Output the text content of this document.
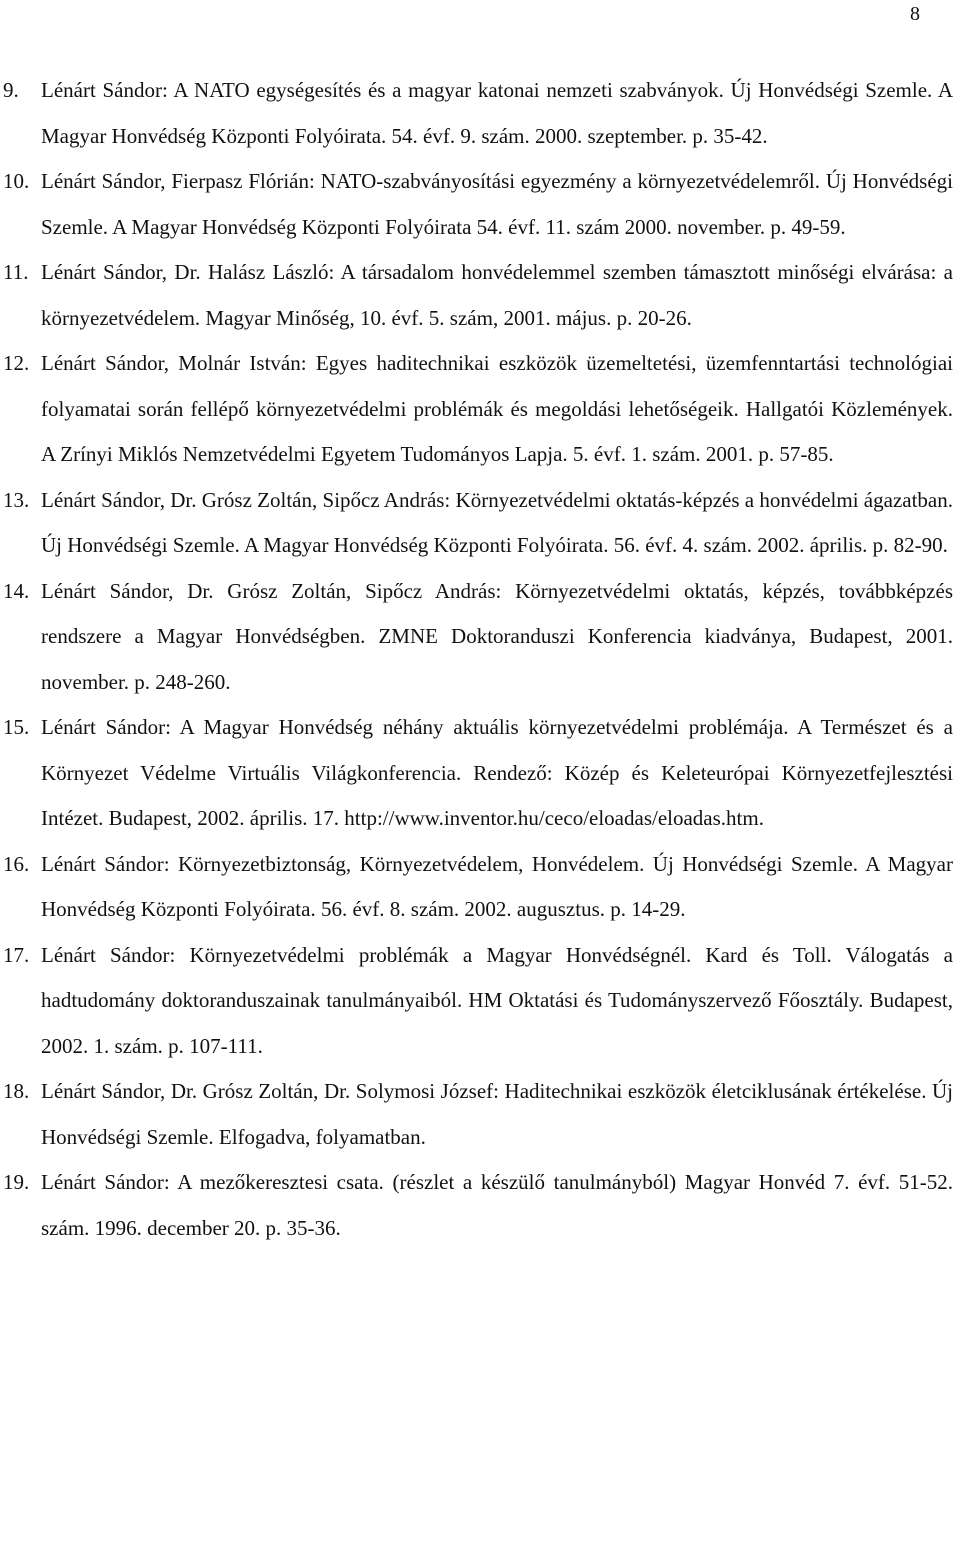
8

9.	Lénárt Sándor: A NATO egységesítés és a magyar katonai nemzeti szabványok. Új Honvédségi Szemle. A Magyar Honvédség Központi Folyóirata. 54. évf. 9. szám. 2000. szeptember. p. 35-42.

10. Lénárt Sándor, Fierpasz Flórián: NATO-szabványosítási egyezmény a környezetvédelemről. Új Honvédségi Szemle. A Magyar Honvédség Központi Folyóirata 54. évf. 11. szám 2000. november. p. 49-59.

11. Lénárt Sándor, Dr. Halász László: A társadalom honvédelemmel szemben támasztott minőségi elvárása: a környezetvédelem. Magyar Minőség, 10. évf. 5. szám, 2001. május. p. 20-26.

12. Lénárt Sándor, Molnár István: Egyes haditechnikai eszközök üzemeltetési, üzemfenntartási technológiai folyamatai során fellépő környezetvédelmi problémák és megoldási lehetőségeik. Hallgatói Közlemények. A Zrínyi Miklós Nemzetvédelmi Egyetem Tudományos Lapja. 5. évf. 1. szám. 2001. p. 57-85.

13. Lénárt Sándor, Dr. Grósz Zoltán, Sipőcz András: Környezetvédelmi oktatás-képzés a honvédelmi ágazatban. Új Honvédségi Szemle. A Magyar Honvédség Központi Folyóirata. 56. évf. 4. szám. 2002. április. p. 82-90.

14. Lénárt Sándor, Dr. Grósz Zoltán, Sipőcz András: Környezetvédelmi oktatás, képzés, továbbképzés rendszere a Magyar Honvédségben. ZMNE Doktoranduszi Konferencia kiadványa, Budapest, 2001. november. p. 248-260.

15. Lénárt Sándor: A Magyar Honvédség néhány aktuális környezetvédelmi problémája. A Természet és a Környezet Védelme Virtuális Világkonferencia. Rendező: Közép és Keleteurópai Környezetfejlesztési Intézet. Budapest, 2002. április. 17. http://www.inventor.hu/ceco/eloadas/eloadas.htm.

16. Lénárt Sándor: Környezetbiztonság, Környezetvédelem, Honvédelem. Új Honvédségi Szemle. A Magyar Honvédség Központi Folyóirata. 56. évf. 8. szám. 2002. augusztus. p. 14-29.

17. Lénárt Sándor: Környezetvédelmi problémák a Magyar Honvédségnél. Kard és Toll. Válogatás a hadtudomány doktoranduszainak tanulmányaiból. HM Oktatási és Tudományszervező Főosztály. Budapest, 2002. 1. szám. p. 107-111.

18. Lénárt Sándor, Dr. Grósz Zoltán, Dr. Solymosi József: Haditechnikai eszközök életciklusának értékelése. Új Honvédségi Szemle. Elfogadva, folyamatban.

19. Lénárt Sándor: A mezőkeresztesi csata. (részlet a készülő tanulmányból) Magyar Honvéd 7. évf. 51-52. szám. 1996. december 20. p. 35-36.
